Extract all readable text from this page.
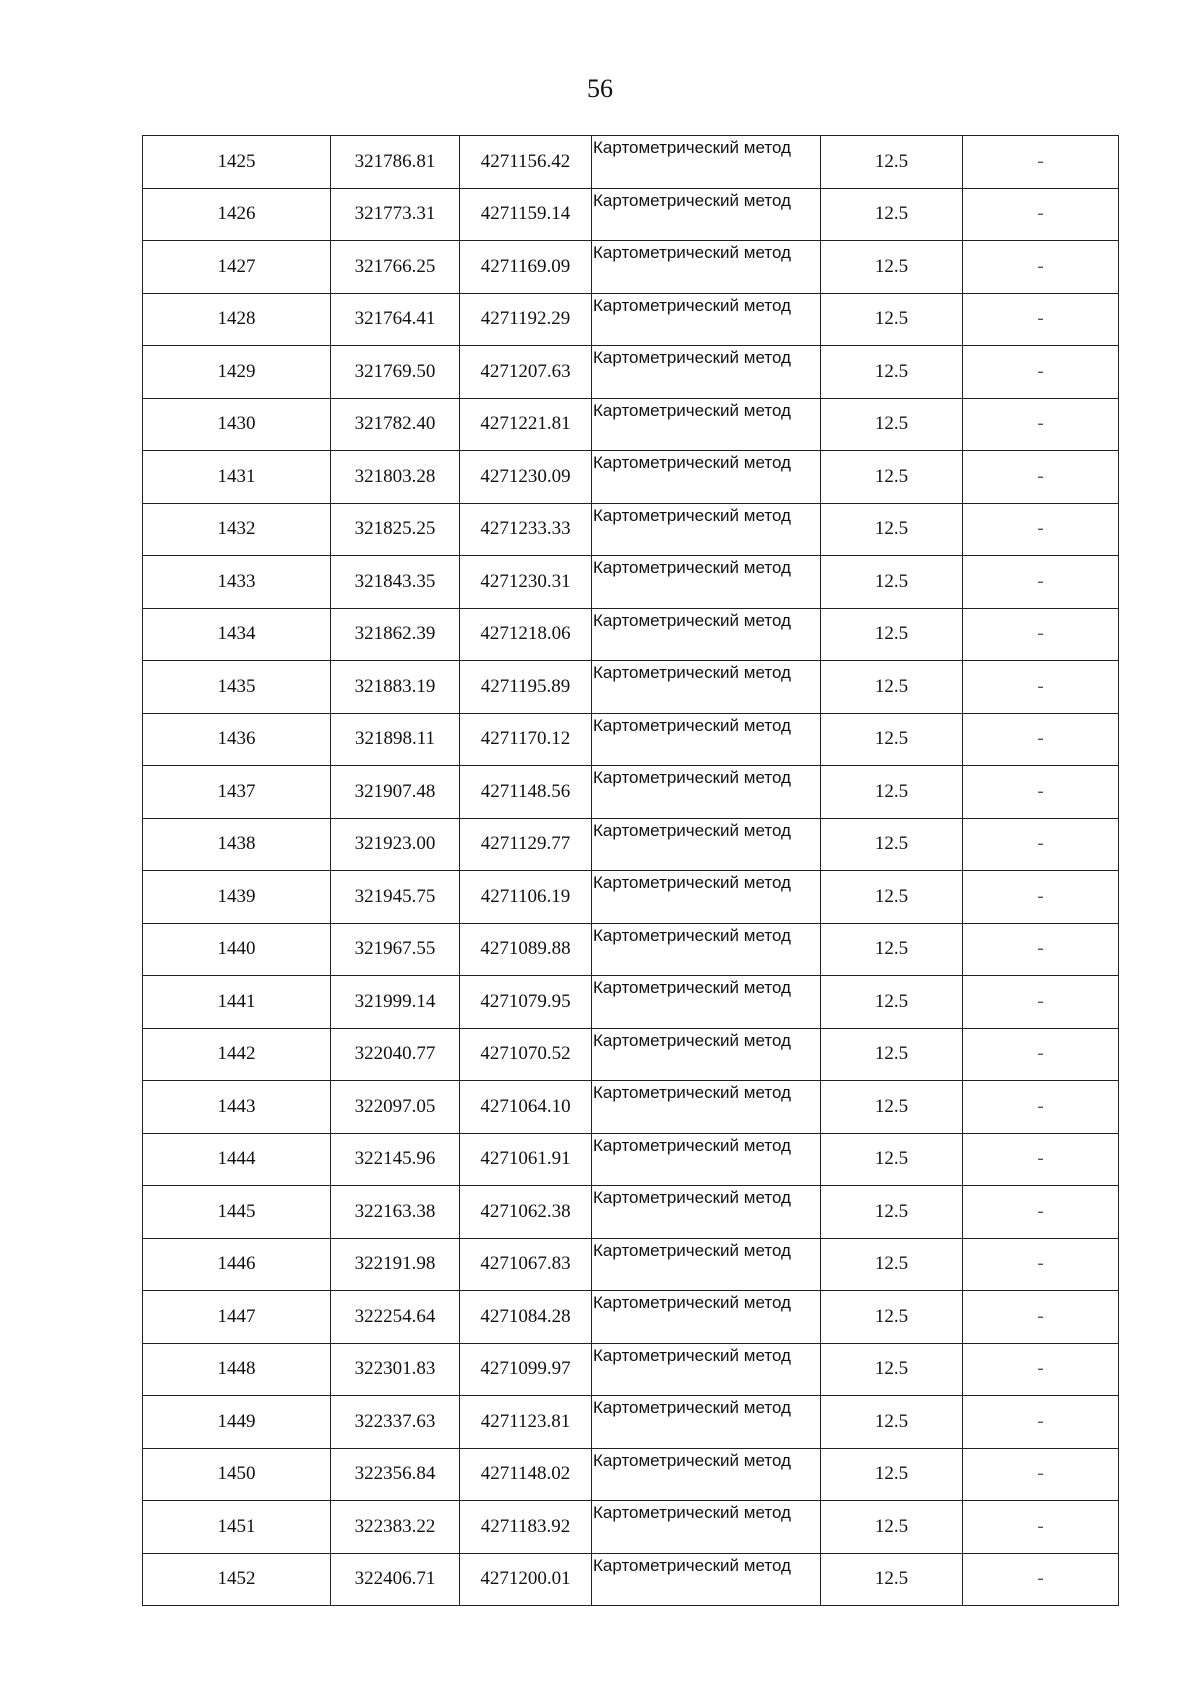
56
1425	321786.81	4271156.42	Картометрический метод	12.5	-
1426	321773.31	4271159.14	Картометрический метод	12.5	-
1427	321766.25	4271169.09	Картометрический метод	12.5	-
1428	321764.41	4271192.29	Картометрический метод	12.5	-
1429	321769.50	4271207.63	Картометрический метод	12.5	-
1430	321782.40	4271221.81	Картометрический метод	12.5	-
1431	321803.28	4271230.09	Картометрический метод	12.5	-
1432	321825.25	4271233.33	Картометрический метод	12.5	-
1433	321843.35	4271230.31	Картометрический метод	12.5	-
1434	321862.39	4271218.06	Картометрический метод	12.5	-
1435	321883.19	4271195.89	Картометрический метод	12.5	-
1436	321898.11	4271170.12	Картометрический метод	12.5	-
1437	321907.48	4271148.56	Картометрический метод	12.5	-
1438	321923.00	4271129.77	Картометрический метод	12.5	-
1439	321945.75	4271106.19	Картометрический метод	12.5	-
1440	321967.55	4271089.88	Картометрический метод	12.5	-
1441	321999.14	4271079.95	Картометрический метод	12.5	-
1442	322040.77	4271070.52	Картометрический метод	12.5	-
1443	322097.05	4271064.10	Картометрический метод	12.5	-
1444	322145.96	4271061.91	Картометрический метод	12.5	-
1445	322163.38	4271062.38	Картометрический метод	12.5	-
1446	322191.98	4271067.83	Картометрический метод	12.5	-
1447	322254.64	4271084.28	Картометрический метод	12.5	-
1448	322301.83	4271099.97	Картометрический метод	12.5	-
1449	322337.63	4271123.81	Картометрический метод	12.5	-
1450	322356.84	4271148.02	Картометрический метод	12.5	-
1451	322383.22	4271183.92	Картометрический метод	12.5	-
1452	322406.71	4271200.01	Картометрический метод	12.5	-
